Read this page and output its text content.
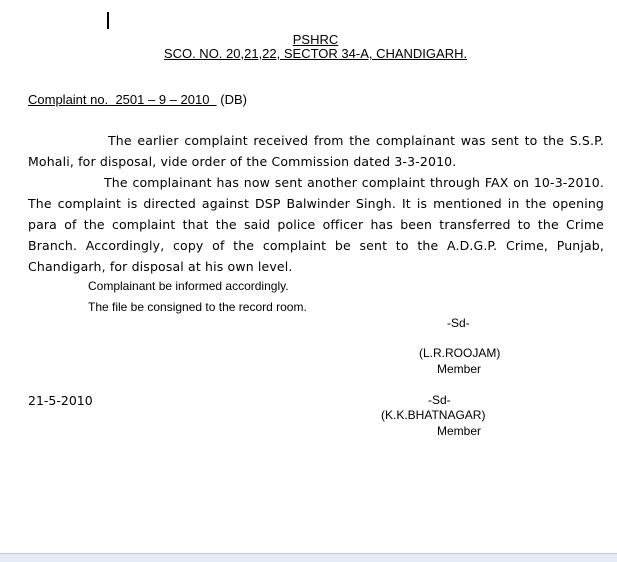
PSHRC
SCO. NO. 20,21,22, SECTOR 34-A, CHANDIGARH.
Complaint no.  2501 – 9 – 2010   (DB)
The earlier complaint received from the complainant was sent to the S.S.P. Mohali, for disposal, vide order of the Commission dated 3-3-2010.
The complainant has now sent another complaint through FAX on 10-3-2010. The complaint is directed against DSP Balwinder Singh. It is mentioned in the opening para of the complaint that the said police officer has been transferred to the Crime Branch. Accordingly, copy of the complaint be sent to the A.D.G.P. Crime, Punjab, Chandigarh, for disposal at his own level.
Complainant be informed accordingly.
The file be consigned to the record room.
-Sd-
(L.R.ROOJAM)
Member
21-5-2010	-Sd-
(K.K.BHATNAGAR)
Member
